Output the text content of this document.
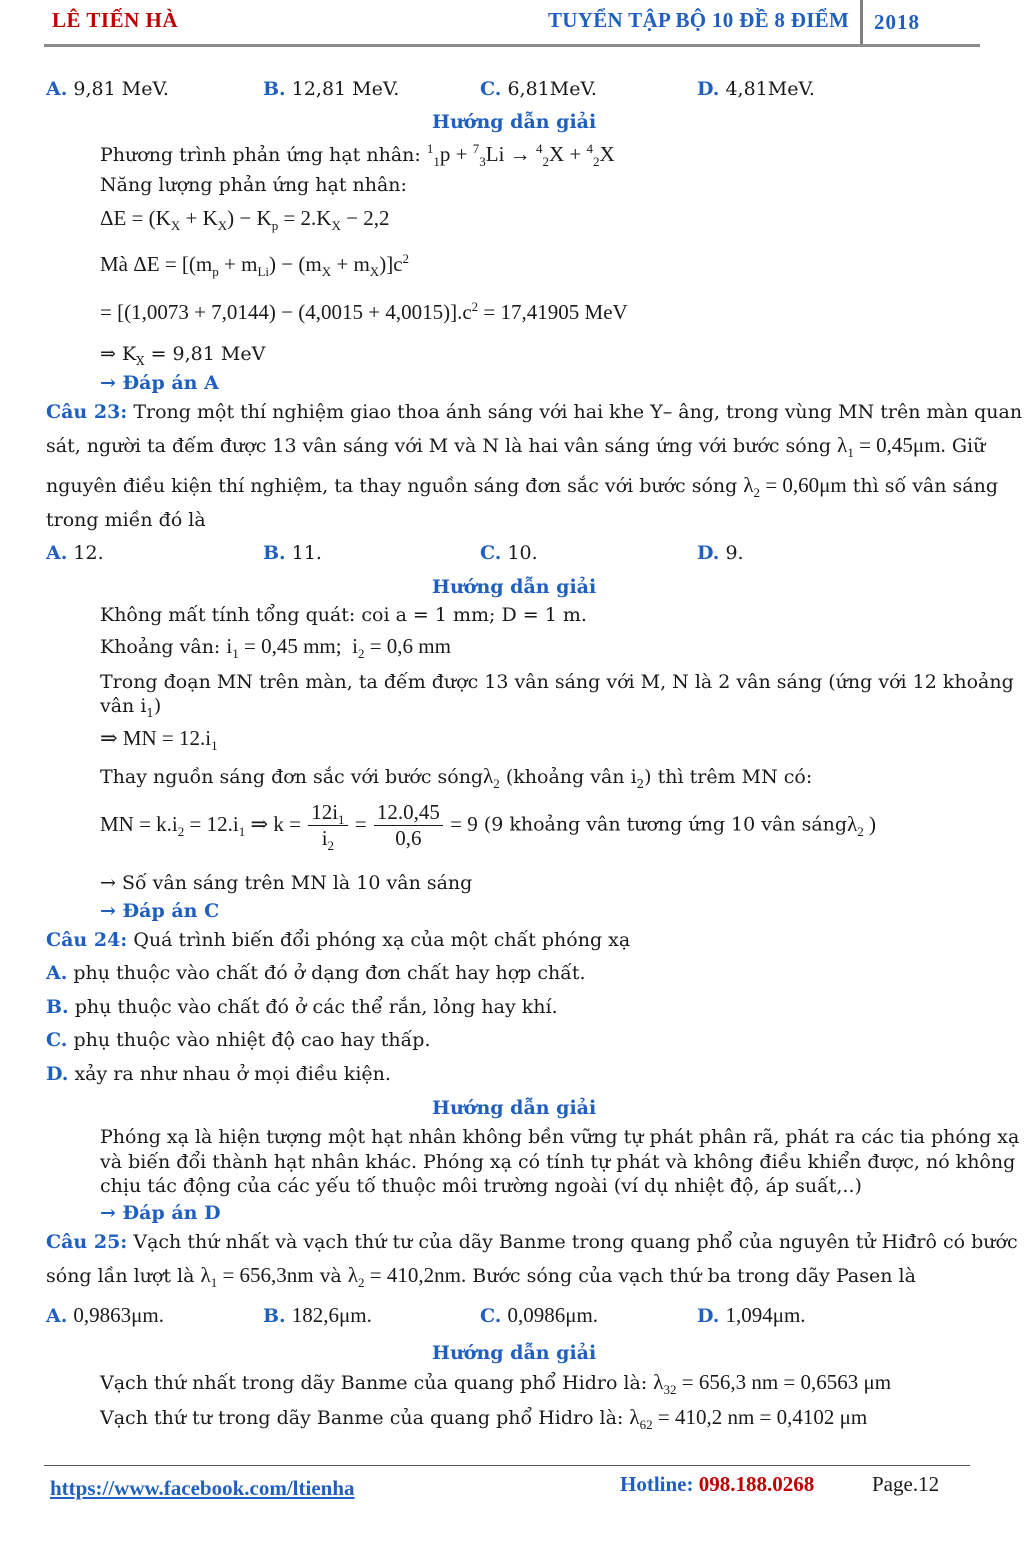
LÊ TIẾN HÀ	TUYỂN TẬP BỘ 10 ĐỀ 8 ĐIỂM 2018
A. 9,81 MeV.	B. 12,81 MeV.	C. 6,81MeV.	D. 4,81MeV.
Hướng dẫn giải
Phương trình phản ứng hạt nhân: $^1_1$p + $^7_3$Li → $^4_2$X + $^4_2$X
Năng lượng phản ứng hạt nhân:
$\Delta E = (K_X + K_X) - K_p = 2.K_X - 2,2$
Mà $\Delta E = [(m_p + m_{Li}) - (m_X + m_X)]c^2$
= $[(1,0073 + 7,0144) - (4,0015 + 4,0015)].c^2 = 17,41905$ MeV
⇒ $K_X = 9,81$ MeV
→ Đáp án A
Câu 23: Trong một thí nghiệm giao thoa ánh sáng với hai khe Y– âng, trong vùng MN trên màn quan
sát, người ta đếm được 13 vân sáng với M và N là hai vân sáng ứng với bước sóng $\lambda_1 = 0,45\mu m$. Giữ
nguyên điều kiện thí nghiệm, ta thay nguồn sáng đơn sắc với bước sóng $\lambda_2 = 0,60\mu m$ thì số vân sáng
trong miền đó là
A. 12.	B. 11.	C. 10.	D. 9.
Hướng dẫn giải
Không mất tính tổng quát: coi a = 1 mm; D = 1 m.
Khoảng vân: $i_1 = 0,45$ mm;  $i_2 = 0,6$ mm
Trong đoạn MN trên màn, ta đếm được 13 vân sáng với M, N là 2 vân sáng (ứng với 12 khoảng
vân $i_1$)
⇒ MN = $12.i_1$
Thay nguồn sáng đơn sắc với bước sóngλ$_2$ (khoảng vân $i_2$) thì trêm MN có:
MN = $k.i_2 = 12.i_1$ ⇒ $k = \frac{12i_1}{i_2} = \frac{12.0,45}{0,6} = 9$ (9 khoảng vân tương ứng 10 vân sángλ$_2$ )
→ Số vân sáng trên MN là 10 vân sáng
→ Đáp án C
Câu 24: Quá trình biến đổi phóng xạ của một chất phóng xạ
A. phụ thuộc vào chất đó ở dạng đơn chất hay hợp chất.
B. phụ thuộc vào chất đó ở các thể rắn, lỏng hay khí.
C. phụ thuộc vào nhiệt độ cao hay thấp.
D. xảy ra như nhau ở mọi điều kiện.
Hướng dẫn giải
Phóng xạ là hiện tượng một hạt nhân không bền vững tự phát phân rã, phát ra các tia phóng xạ
và biến đổi thành hạt nhân khác. Phóng xạ có tính tự phát và không điều khiển được, nó không
chịu tác động của các yếu tố thuộc môi trường ngoài (ví dụ nhiệt độ, áp suất,..)
→ Đáp án D
Câu 25: Vạch thứ nhất và vạch thứ tư của dãy Banme trong quang phổ của nguyên tử Hiđrô có bước
sóng lần lượt là $\lambda_1 = 656,3nm$ và $\lambda_2 = 410,2nm$. Bước sóng của vạch thứ ba trong dãy Pasen là
A. 0,9863μm.	B. 182,6μm.	C. 0,0986μm.	D. 1,094μm.
Hướng dẫn giải
Vạch thứ nhất trong dãy Banme của quang phổ Hidro là: $\lambda_{32} = 656,3$ nm = 0,6563 μm
Vạch thứ tư trong dãy Banme của quang phổ Hidro là: $\lambda_{62} = 410,2$ nm = 0,4102 μm
https://www.facebook.com/ltienha	Hotline: 098.188.0268	Page.12
